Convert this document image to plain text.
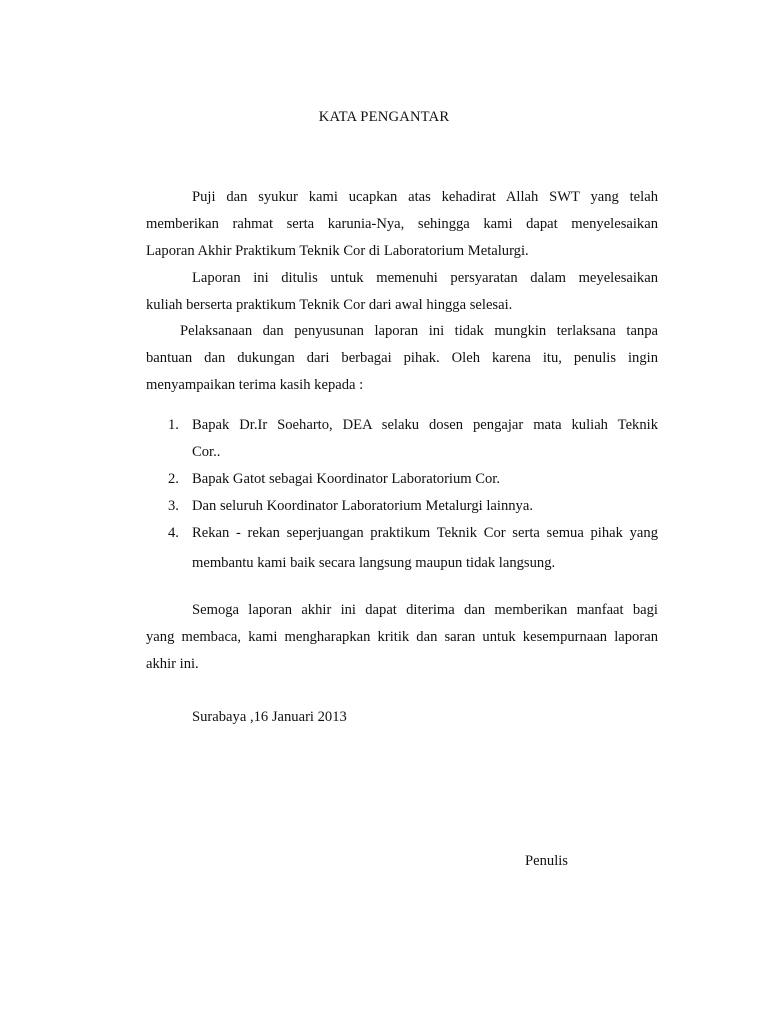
KATA PENGANTAR
Puji dan syukur kami ucapkan atas kehadirat Allah SWT yang telah
memberikan rahmat serta karunia-Nya, sehingga kami dapat menyelesaikan
Laporan Akhir Praktikum Teknik Cor di Laboratorium Metalurgi.
Laporan ini ditulis untuk memenuhi persyaratan dalam meyelesaikan
kuliah berserta praktikum Teknik Cor dari awal hingga selesai.
Pelaksanaan dan penyusunan laporan ini tidak mungkin terlaksana tanpa
bantuan dan dukungan dari berbagai pihak. Oleh karena itu, penulis ingin
menyampaikan terima kasih kepada :
1. Bapak Dr.Ir Soeharto, DEA selaku dosen pengajar mata kuliah Teknik
Cor..
2. Bapak Gatot sebagai Koordinator Laboratorium Cor.
3. Dan seluruh Koordinator Laboratorium Metalurgi lainnya.
4. Rekan - rekan seperjuangan praktikum Teknik Cor serta semua pihak yang
membantu kami baik secara langsung maupun tidak langsung.
Semoga laporan akhir ini dapat diterima dan memberikan manfaat bagi
yang membaca, kami mengharapkan kritik dan saran untuk kesempurnaan laporan
akhir ini.
Surabaya ,16 Januari 2013
Penulis
